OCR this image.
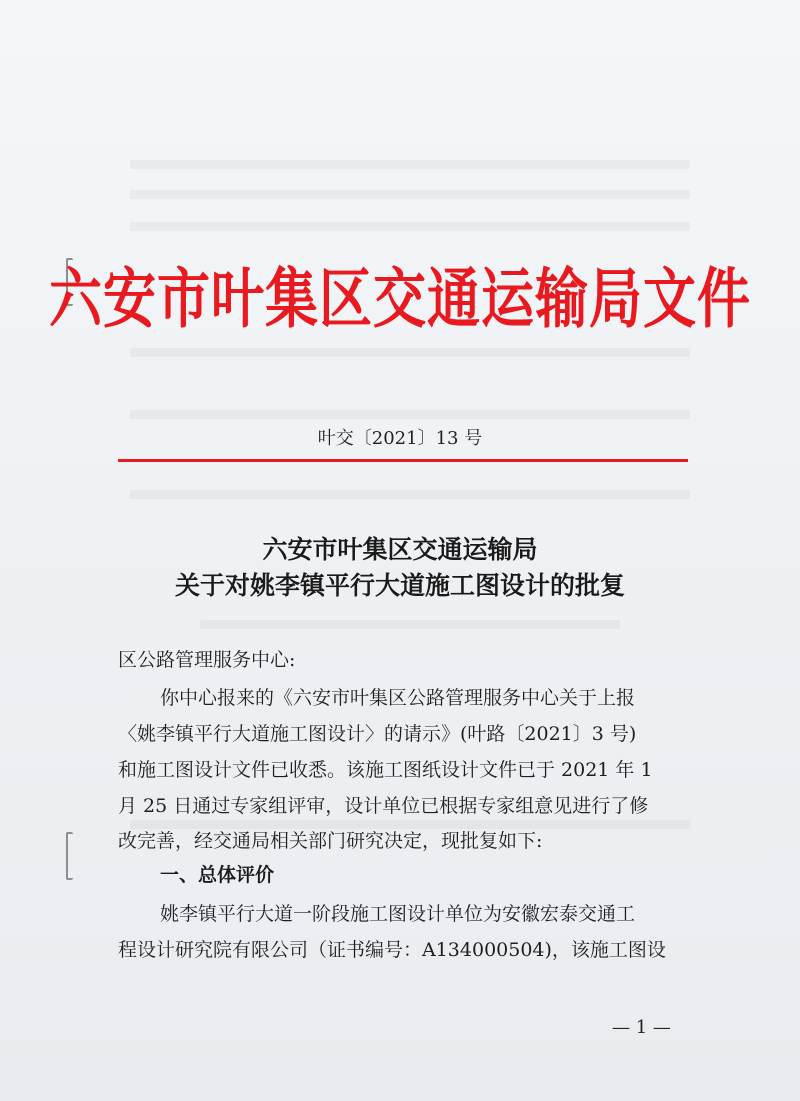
六安市叶集区交通运输局文件
叶交〔2021〕13 号
六安市叶集区交通运输局
关于对姚李镇平行大道施工图设计的批复
区公路管理服务中心:
你中心报来的《六安市叶集区公路管理服务中心关于上报
〈姚李镇平行大道施工图设计〉的请示》(叶路〔2021〕3 号)
和施工图设计文件已收悉。该施工图纸设计文件已于 2021 年 1
月 25 日通过专家组评审，设计单位已根据专家组意见进行了修
改完善，经交通局相关部门研究决定，现批复如下:
一、总体评价
姚李镇平行大道一阶段施工图设计单位为安徽宏泰交通工
程设计研究院有限公司（证书编号：A134000504)，该施工图设
— 1 —
